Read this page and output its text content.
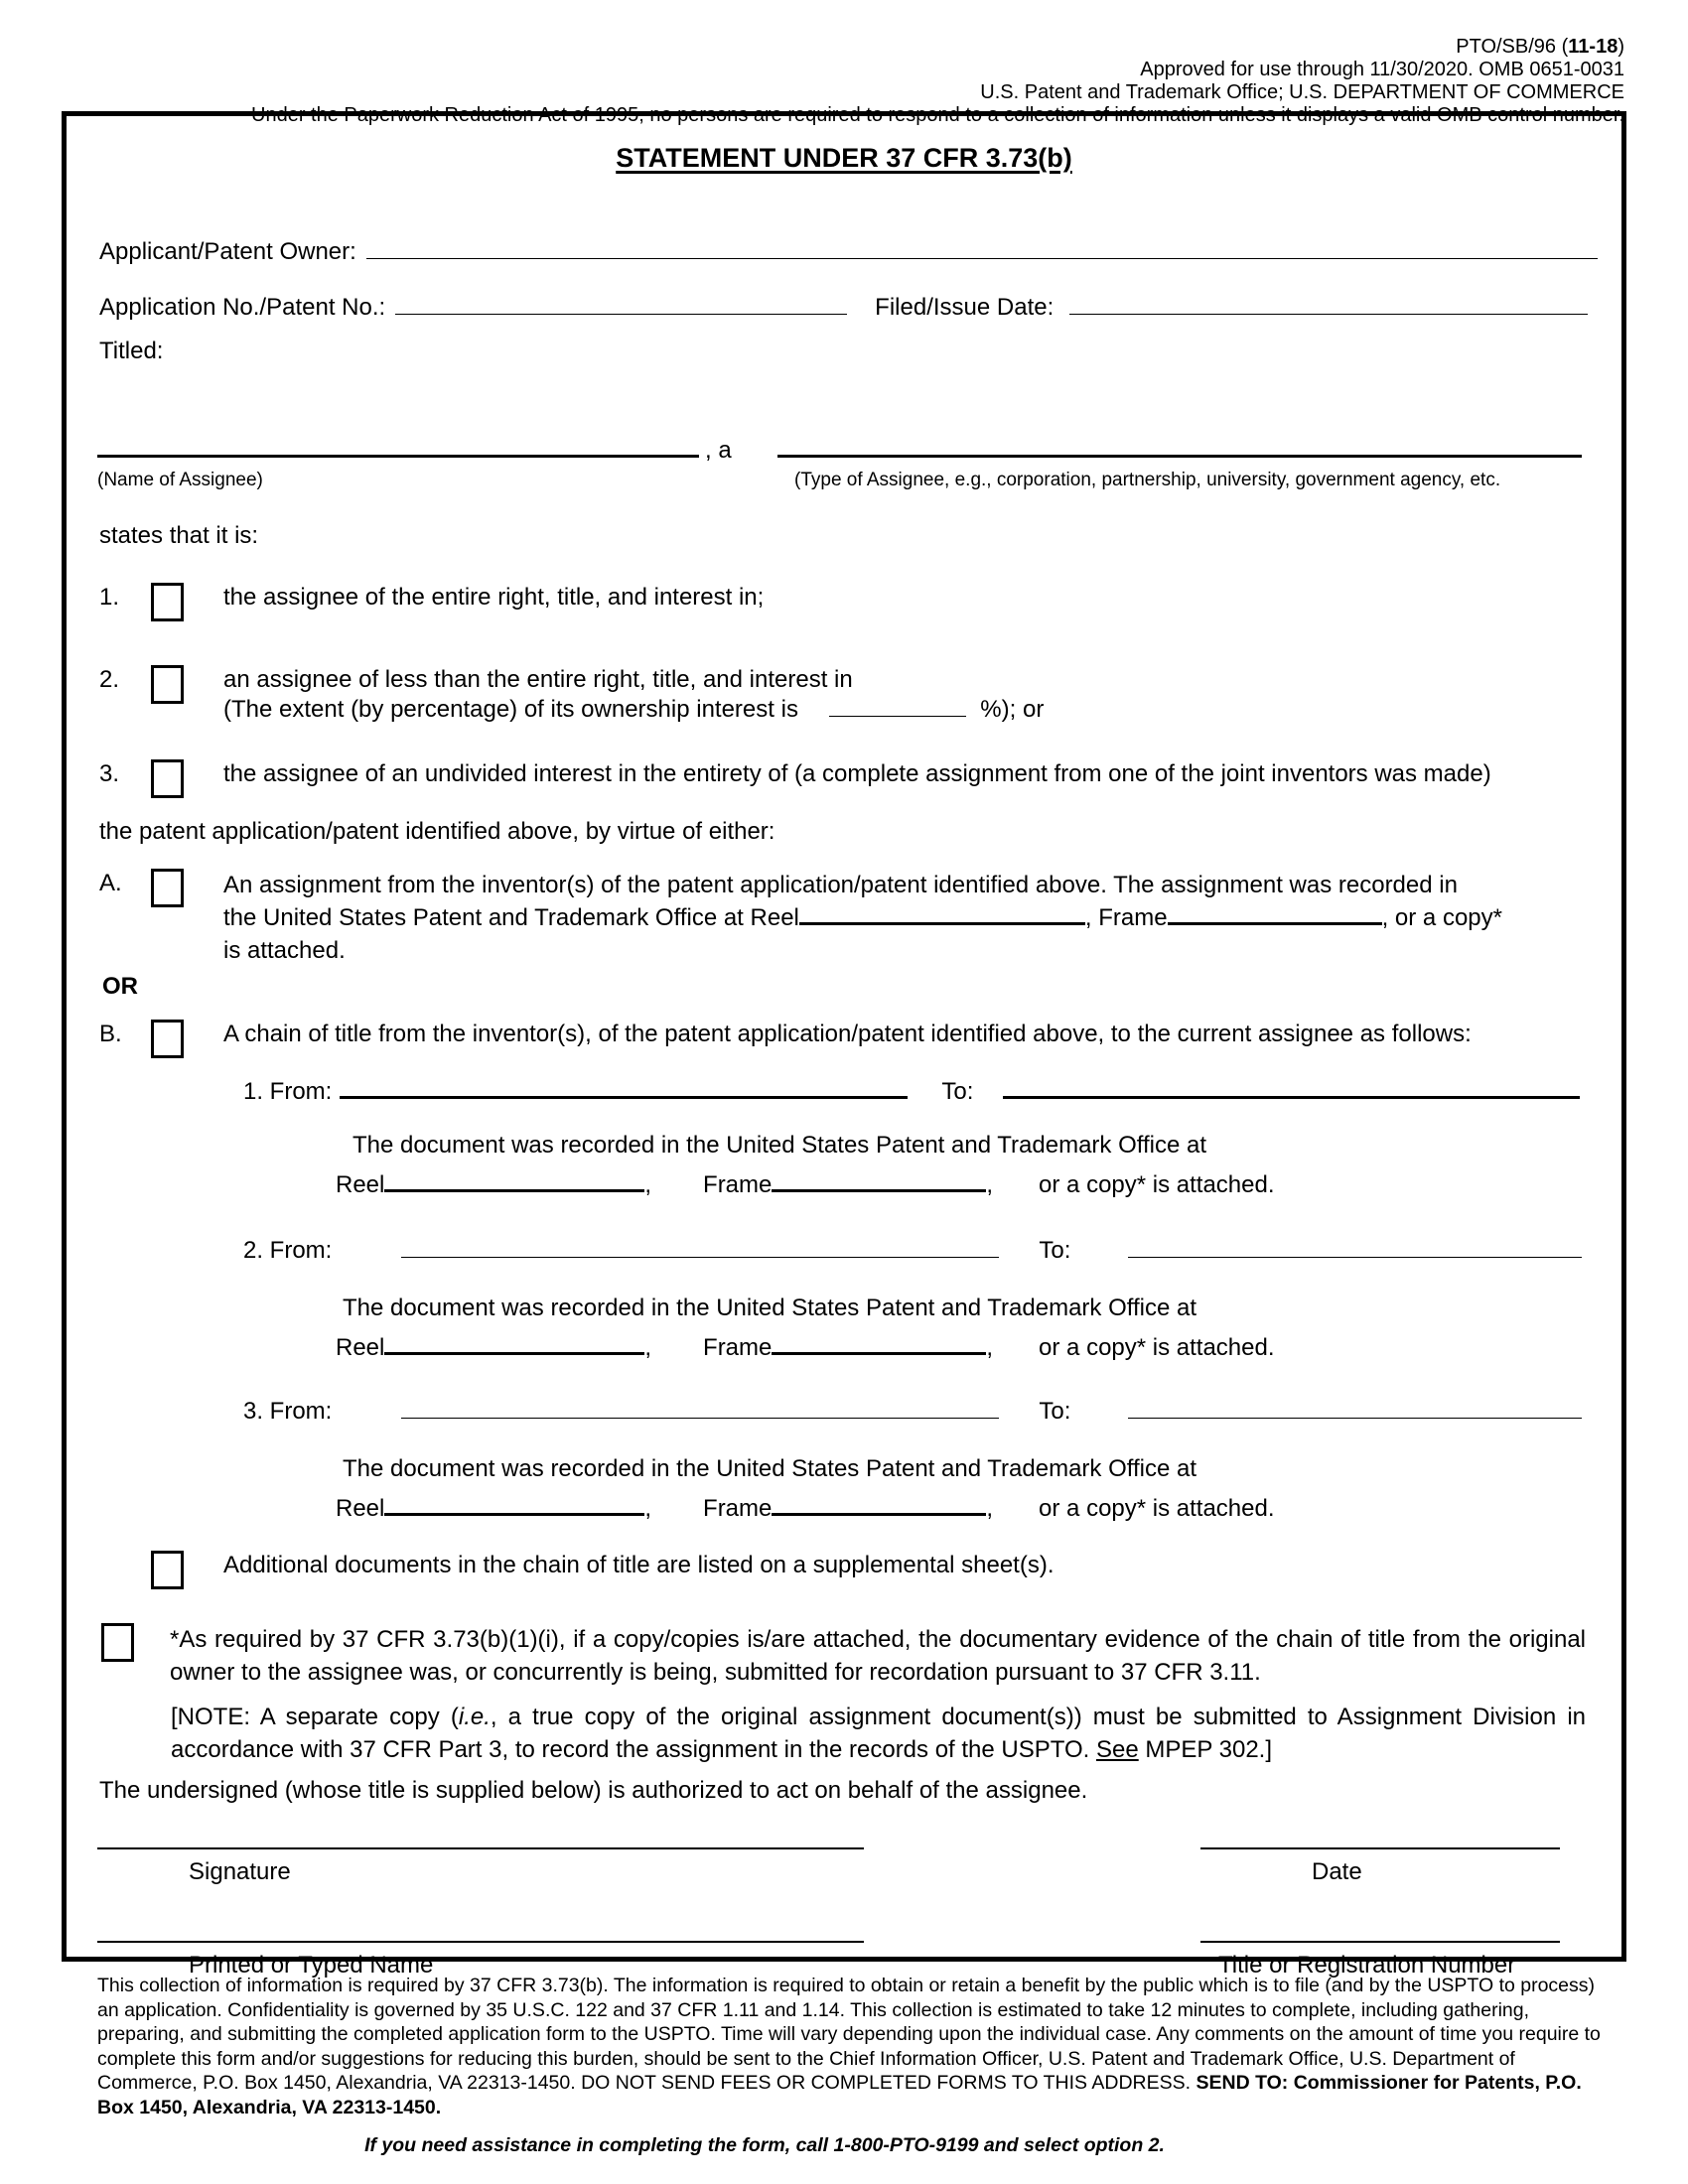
PTO/SB/96 (11-18)
Approved for use through 11/30/2020. OMB 0651-0031
U.S. Patent and Trademark Office; U.S. DEPARTMENT OF COMMERCE
Under the Paperwork Reduction Act of 1995, no persons are required to respond to a collection of information unless it displays a valid OMB control number.
STATEMENT UNDER 37 CFR 3.73(b)
Applicant/Patent Owner:
Application No./Patent No.:	Filed/Issue Date:
Titled:
, a
(Name of Assignee)	(Type of Assignee, e.g., corporation, partnership, university, government agency, etc.
states that it is:
1.	the assignee of the entire right, title, and interest in;
2.	an assignee of less than the entire right, title, and interest in
(The extent (by percentage) of its ownership interest is	%); or
3.	the assignee of an undivided interest in the entirety of (a complete assignment from one of the joint inventors was made)
the patent application/patent identified above, by virtue of either:
A.	An assignment from the inventor(s) of the patent application/patent identified above. The assignment was recorded in
the United States Patent and Trademark Office at Reel	, Frame	, or a copy*
is attached.
OR
B.	A chain of title from the inventor(s), of the patent application/patent identified above, to the current assignee as follows:
1. From:	To:
The document was recorded in the United States Patent and Trademark Office at
Reel	, Frame	, or a copy* is attached.
2. From:	To:
The document was recorded in the United States Patent and Trademark Office at
Reel	, Frame	, or a copy* is attached.
3. From:	To:
The document was recorded in the United States Patent and Trademark Office at
Reel	, Frame	, or a copy* is attached.
Additional documents in the chain of title are listed on a supplemental sheet(s).
*As required by 37 CFR 3.73(b)(1)(i), if a copy/copies is/are attached, the documentary evidence of the chain of title from the original owner to the assignee was, or concurrently is being, submitted for recordation pursuant to 37 CFR 3.11.
[NOTE: A separate copy (i.e., a true copy of the original assignment document(s)) must be submitted to Assignment Division in accordance with 37 CFR Part 3, to record the assignment in the records of the USPTO. See MPEP 302.]
The undersigned (whose title is supplied below) is authorized to act on behalf of the assignee.
Signature	Date
Printed or Typed Name	Title or Registration Number
This collection of information is required by 37 CFR 3.73(b). The information is required to obtain or retain a benefit by the public which is to file (and by the USPTO to process) an application. Confidentiality is governed by 35 U.S.C. 122 and 37 CFR 1.11 and 1.14. This collection is estimated to take 12 minutes to complete, including gathering, preparing, and submitting the completed application form to the USPTO. Time will vary depending upon the individual case. Any comments on the amount of time you require to complete this form and/or suggestions for reducing this burden, should be sent to the Chief Information Officer, U.S. Patent and Trademark Office, U.S. Department of Commerce, P.O. Box 1450, Alexandria, VA 22313-1450. DO NOT SEND FEES OR COMPLETED FORMS TO THIS ADDRESS. SEND TO: Commissioner for Patents, P.O. Box 1450, Alexandria, VA 22313-1450.
If you need assistance in completing the form, call 1-800-PTO-9199 and select option 2.
